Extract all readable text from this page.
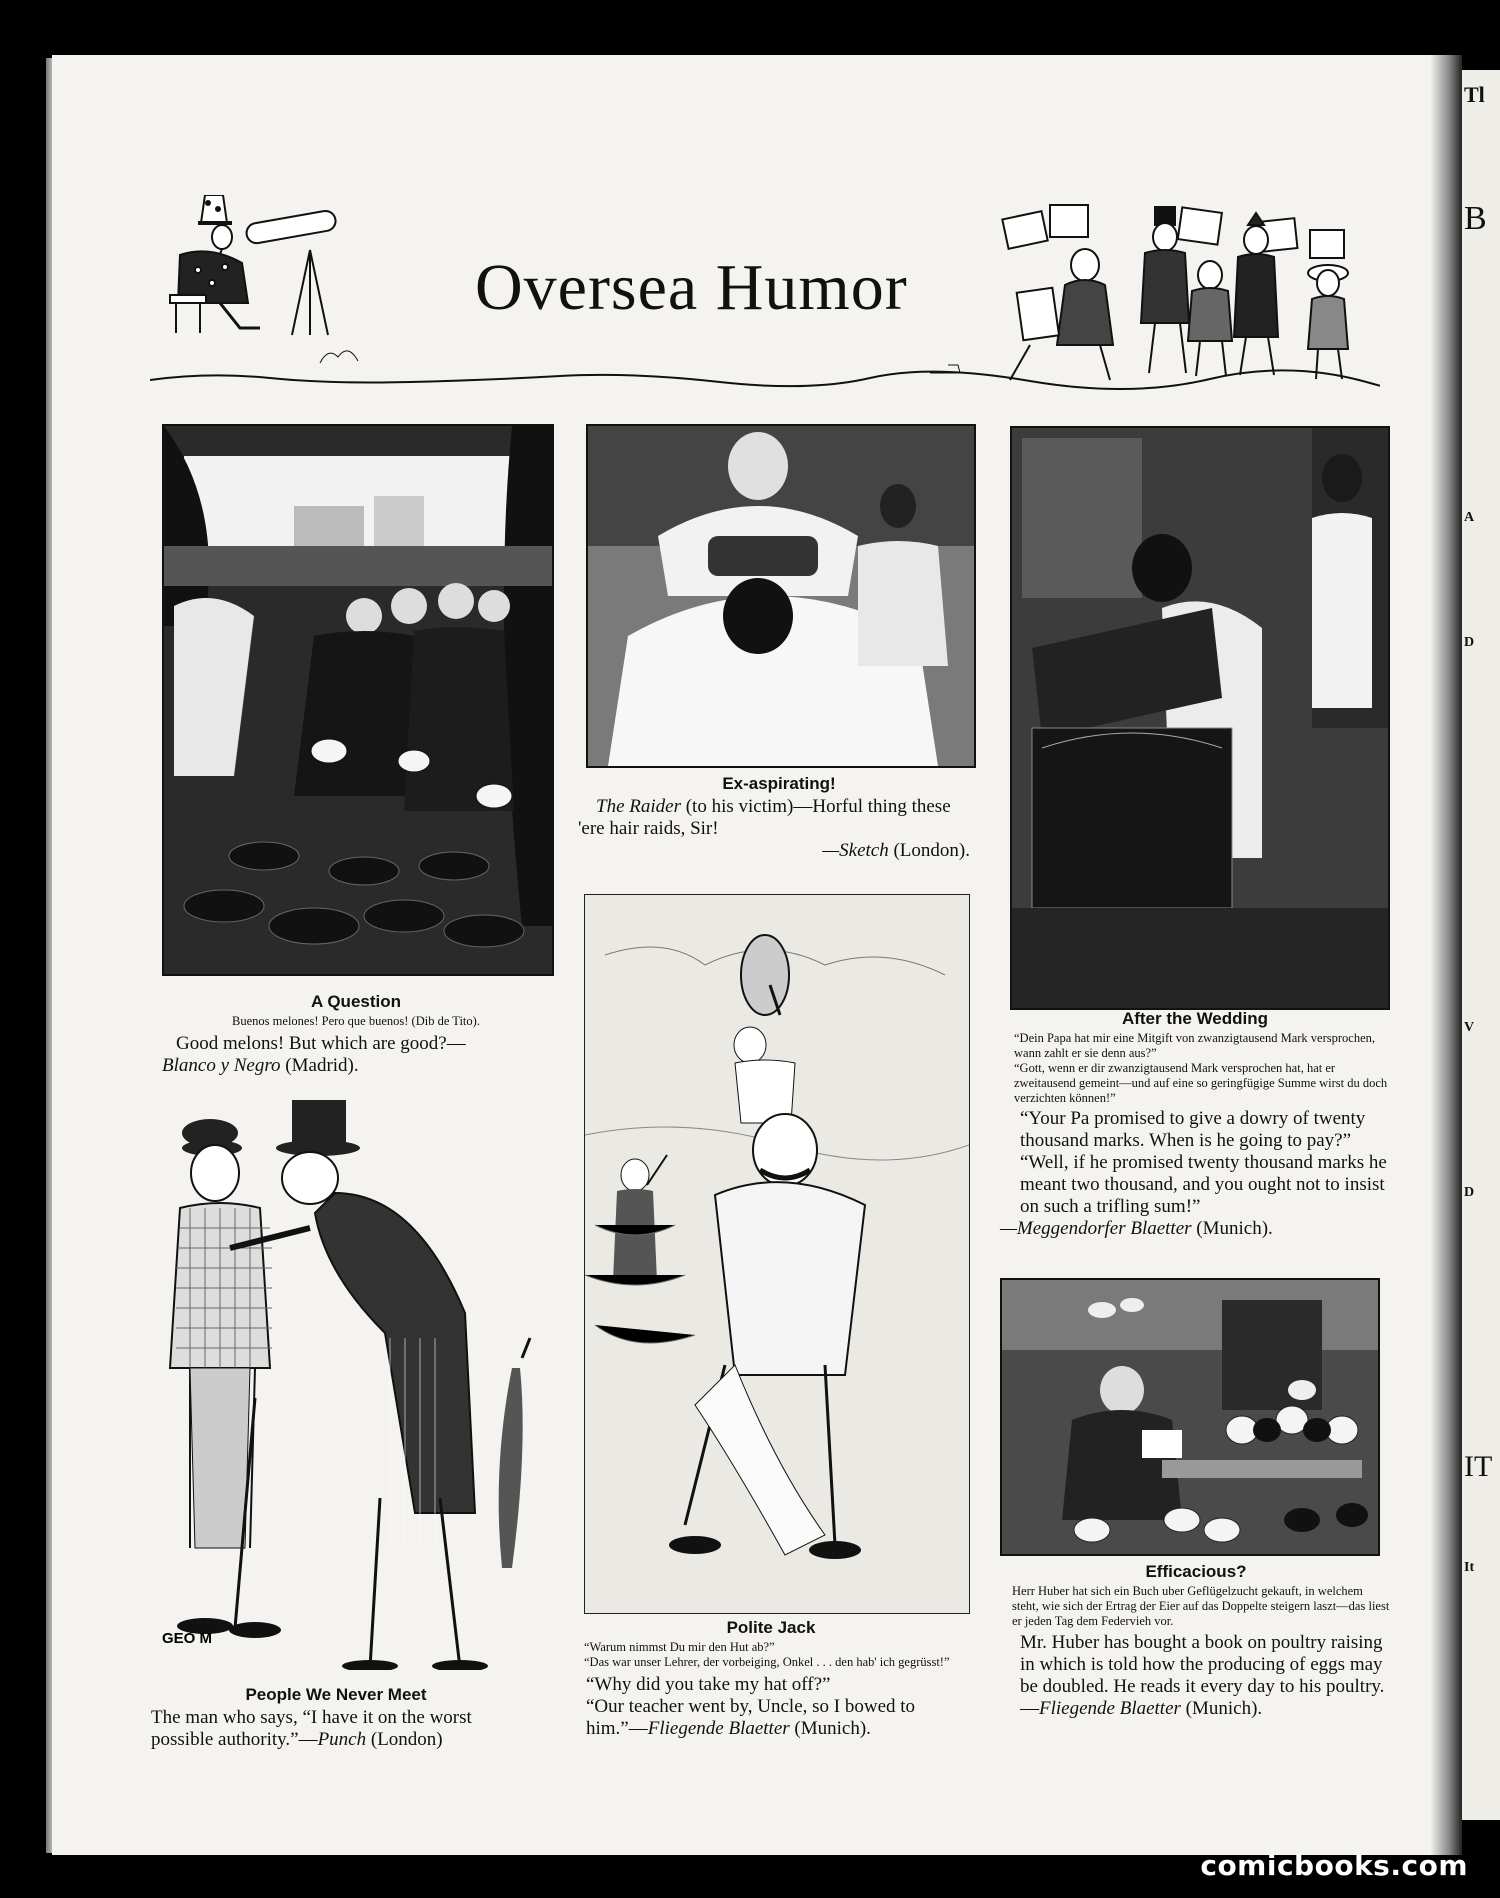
Tl
B
A
D
V
D
IT
It
Oversea Humor
A Question
Buenos melones! Pero que buenos! (Dib de Tito).
Good melons! But which are good?—
Blanco y Negro (Madrid).
Ex-aspirating!
The Raider (to his victim)—Horful thing these 'ere hair raids, Sir!
—Sketch (London).
After the Wedding
“Dein Papa hat mir eine Mitgift von zwanzigtausend Mark versprochen, wann zahlt er sie denn aus?”
“Gott, wenn er dir zwanzigtausend Mark versprochen hat, hat er zweitausend gemeint—und auf eine so geringfügige Summe wirst du doch verzichten können!”
“Your Pa promised to give a dowry of twenty thousand marks. When is he going to pay?”
“Well, if he promised twenty thousand marks he meant two thousand, and you ought not to insist on such a trifling sum!”
—Meggendorfer Blaetter (Munich).
GEO M
People We Never Meet
The man who says, “I have it on the worst possible authority.”—Punch (London)
Polite Jack
“Warum nimmst Du mir den Hut ab?”
“Das war unser Lehrer, der vorbeiging, Onkel . . . den hab' ich gegrüsst!”
“Why did you take my hat off?”
“Our teacher went by, Uncle, so I bowed to him.”—Fliegende Blaetter (Munich).
Efficacious?
Herr Huber hat sich ein Buch uber Geflügelzucht gekauft, in welchem steht, wie sich der Ertrag der Eier auf das Doppelte steigern laszt—das liest er jeden Tag dem Federvieh vor.
Mr. Huber has bought a book on poultry raising in which is told how the producing of eggs may be doubled. He reads it every day to his poultry.—Fliegende Blaetter (Munich).
comicbooks.com
